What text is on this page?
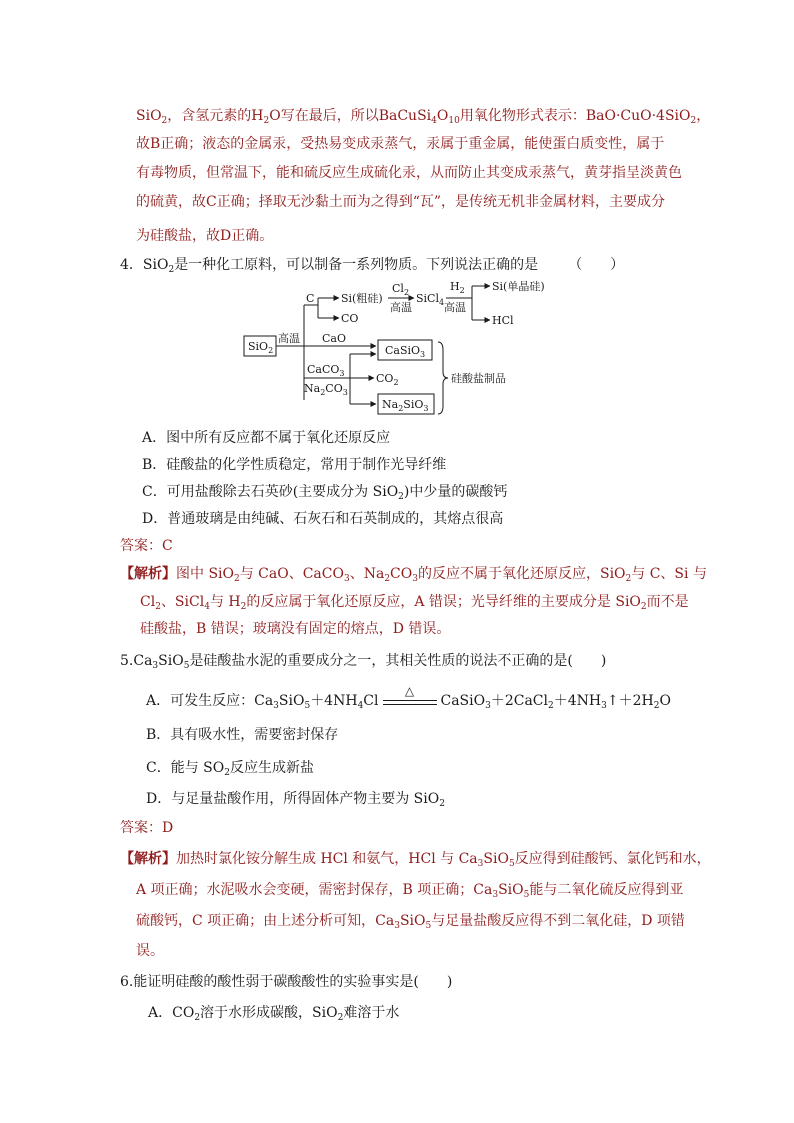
SiO$_2$，含氢元素的$H_2O$写在最后，所以$BaCuSi_4O_{10}$用氧化物形式表示：BaO·CuO·4SiO$_2$，
故B正确；液态的金属汞，受热易变成汞蒸气，汞属于重金属，能使蛋白质变性，属于
有毒物质，但常温下，能和硫反应生成硫化汞，从而防止其变成汞蒸气，黄芽指呈淡黄色
的硫黄，故C正确；择取无沙黏土而为之得到“瓦”，是传统无机非金属材料，主要成分
为硅酸盐，故D正确。
4．SiO$_2$是一种化工原料，可以制备一系列物质。下列说法正确的是 （　　）
SiO$_2$
高温
C Si(粗硅)
CO
$Cl_2$
高温
SiCl$_4$
$H_2$
高温
Si(单晶硅)
HCl
CaO
CaSiO$_3$
CaCO$_3$
$Na_2CO_3$
$CO_2$
$Na_2SiO_3$
硅酸盐制品
A．图中所有反应都不属于氧化还原反应
B．硅酸盐的化学性质稳定，常用于制作光导纤维
C．可用盐酸除去石英砂(主要成分为 SiO$_2$)中少量的碳酸钙
D．普通玻璃是由纯碱、石灰石和石英制成的，其熔点很高
答案：C
【解析】图中 SiO$_2$与 CaO、CaCO$_3$、$Na_2CO_3$的反应不属于氧化还原反应，SiO$_2$与 C、Si 与
$Cl_2$、SiCl$_4$与 $H_2$的反应属于氧化还原反应，A 错误；光导纤维的主要成分是 SiO$_2$而不是
硅酸盐，B 错误；玻璃没有固定的熔点，D 错误。
$5.Ca_3SiO_5$是硅酸盐水泥的重要成分之一，其相关性质的说法不正确的是(　　)
A．可发生反应：$Ca_3SiO_5+4NH_4Cl$
△
$CaSiO_3+2CaCl_2+4NH_3↑+2H_2O$
B．具有吸水性，需要密封保存
C．能与 $SO_2$反应生成新盐
D．与足量盐酸作用，所得固体产物主要为 SiO$_2$
答案：D
【解析】加热时氯化铵分解生成 HCl 和氨气，HCl 与 $Ca_3SiO_5$反应得到硅酸钙、氯化钙和水，
A 项正确；水泥吸水会变硬，需密封保存，B 项正确；$Ca_3SiO_5$能与二氧化硫反应得到亚
硫酸钙，C 项正确；由上述分析可知，$Ca_3SiO_5$与足量盐酸反应得不到二氧化硅，D 项错
误。
6.能证明硅酸的酸性弱于碳酸酸性的实验事实是(　　)
A．$CO_2$溶于水形成碳酸，SiO$_2$难溶于水
